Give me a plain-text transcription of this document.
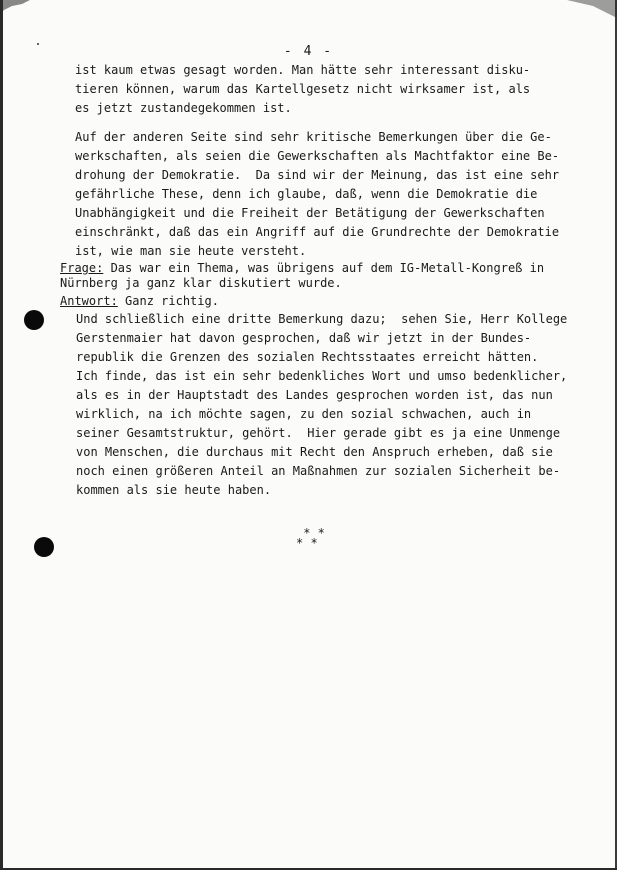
- 4 -
ist kaum etwas gesagt worden. Man hätte sehr interessant disku-
tieren können, warum das Kartellgesetz nicht wirksamer ist, als
es jetzt zustandegekommen ist.
Auf der anderen Seite sind sehr kritische Bemerkungen über die Ge-
werkschaften, als seien die Gewerkschaften als Machtfaktor eine Be-
drohung der Demokratie.  Da sind wir der Meinung, das ist eine sehr
gefährliche These, denn ich glaube, daß, wenn die Demokratie die
Unabhängigkeit und die Freiheit der Betätigung der Gewerkschaften
einschränkt, daß das ein Angriff auf die Grundrechte der Demokratie
ist, wie man sie heute versteht.
Frage: Das war ein Thema, was übrigens auf dem IG-Metall-Kongreß in
Nürnberg ja ganz klar diskutiert wurde.
Antwort: Ganz richtig.
Und schließlich eine dritte Bemerkung dazu;  sehen Sie, Herr Kollege
Gerstenmaier hat davon gesprochen, daß wir jetzt in der Bundes-
republik die Grenzen des sozialen Rechtsstaates erreicht hätten.
Ich finde, das ist ein sehr bedenkliches Wort und umso bedenklicher,
als es in der Hauptstadt des Landes gesprochen worden ist, das nun
wirklich, na ich möchte sagen, zu den sozial schwachen, auch in
seiner Gesamtstruktur, gehört.  Hier gerade gibt es ja eine Unmenge
von Menschen, die durchaus mit Recht den Anspruch erheben, daß sie
noch einen größeren Anteil an Maßnahmen zur sozialen Sicherheit be-
kommen als sie heute haben.
* *
* *
